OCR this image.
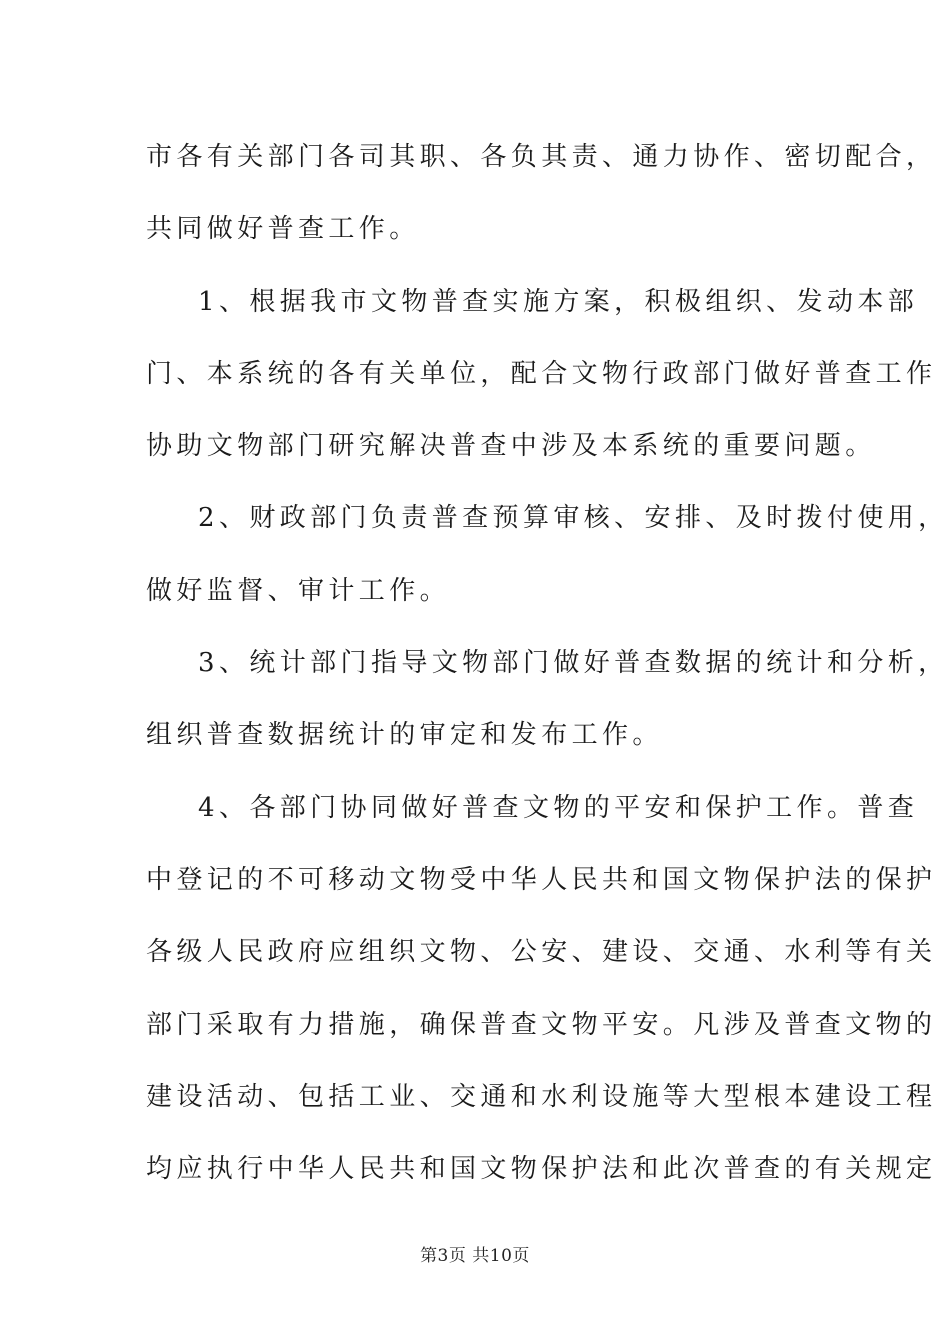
市各有关部门各司其职、各负其责、通力协作、密切配合，
共同做好普查工作。
1、根据我市文物普查实施方案，积极组织、发动本部
门、本系统的各有关单位，配合文物行政部门做好普查工作
协助文物部门研究解决普查中涉及本系统的重要问题。
2、财政部门负责普查预算审核、安排、及时拨付使用，
做好监督、审计工作。
3、统计部门指导文物部门做好普查数据的统计和分析，
组织普查数据统计的审定和发布工作。
4、各部门协同做好普查文物的平安和保护工作。普查
中登记的不可移动文物受中华人民共和国文物保护法的保护
各级人民政府应组织文物、公安、建设、交通、水利等有关
部门采取有力措施，确保普查文物平安。凡涉及普查文物的
建设活动、包括工业、交通和水利设施等大型根本建设工程
均应执行中华人民共和国文物保护法和此次普查的有关规定
第3页 共10页
